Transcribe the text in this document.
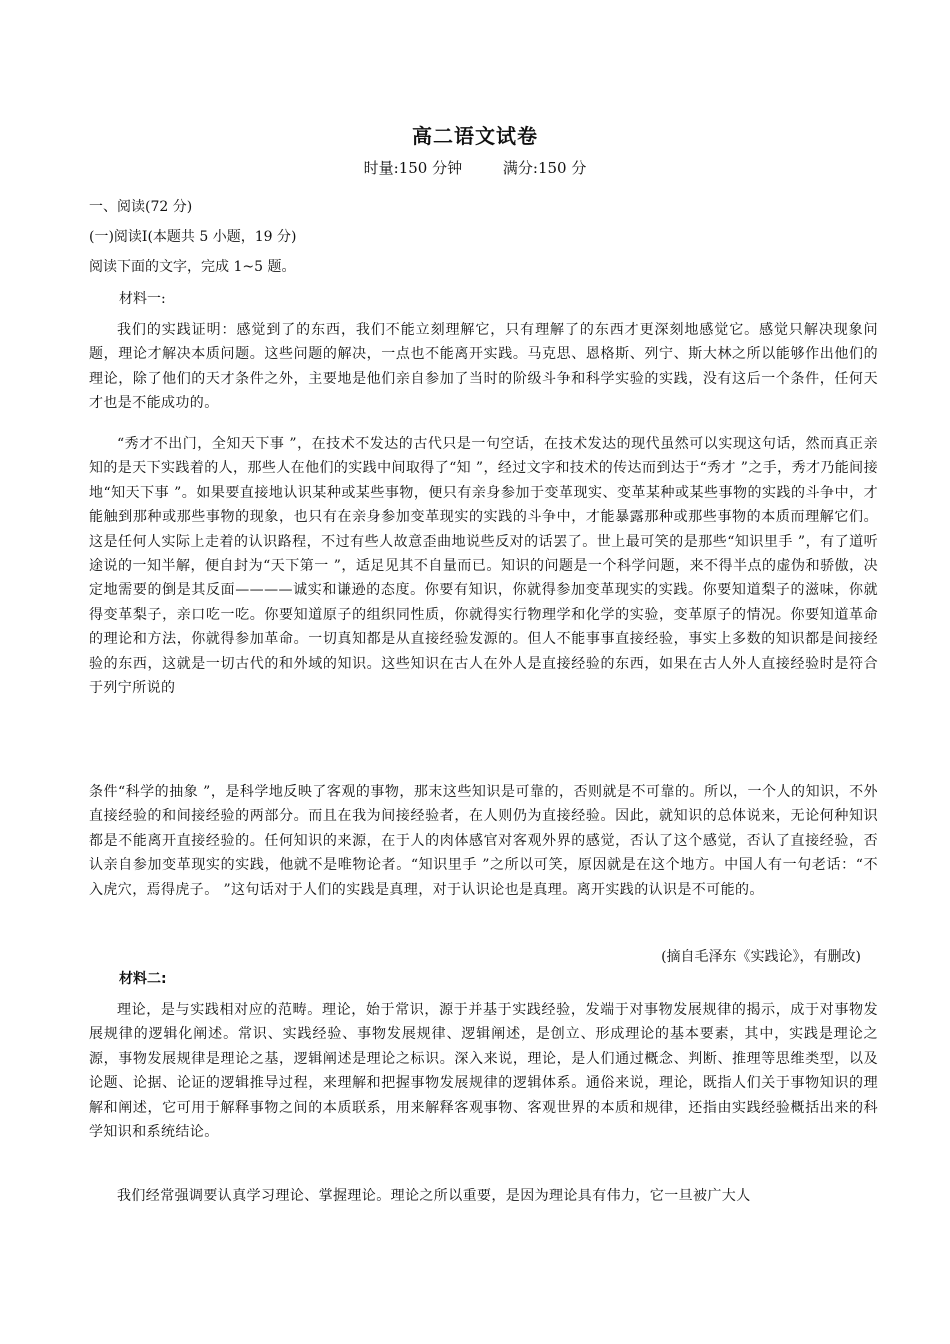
高二语文试卷
时量:150 分钟	满分:150 分
一、阅读(72 分)
(一)阅读Ⅰ(本题共 5 小题，19 分)
阅读下面的文字，完成 1~5 题。
材料一:
我们的实践证明：感觉到了的东西，我们不能立刻理解它，只有理解了的东西才更深刻地感觉它。感觉只解决现象问题，理论才解决本质问题。这些问题的解决，一点也不能离开实践。马克思、恩格斯、列宁、斯大林之所以能够作出他们的理论，除了他们的天才条件之外，主要地是他们亲自参加了当时的阶级斗争和科学实验的实践，没有这后一个条件，任何天才也是不能成功的。
“秀才不出门，全知天下事 ”，在技术不发达的古代只是一句空话，在技术发达的现代虽然可以实现这句话，然而真正亲知的是天下实践着的人，那些人在他们的实践中间取得了“知 ”，经过文字和技术的传达而到达于“秀才 ”之手，秀才乃能间接地“知天下事 ”。如果要直接地认识某种或某些事物，便只有亲身参加于变革现实、变革某种或某些事物的实践的斗争中，才能触到那种或那些事物的现象，也只有在亲身参加变革现实的实践的斗争中，才能暴露那种或那些事物的本质而理解它们。这是任何人实际上走着的认识路程，不过有些人故意歪曲地说些反对的话罢了。世上最可笑的是那些“知识里手 ”，有了道听途说的一知半解，便自封为“天下第一 ”，适足见其不自量而已。知识的问题是一个科学问题，来不得半点的虚伪和骄傲，决定地需要的倒是其反面————诚实和谦逊的态度。你要有知识，你就得参加变革现实的实践。你要知道梨子的滋味，你就得变革梨子，亲口吃一吃。你要知道原子的组织同性质，你就得实行物理学和化学的实验，变革原子的情况。你要知道革命的理论和方法，你就得参加革命。一切真知都是从直接经验发源的。但人不能事事直接经验，事实上多数的知识都是间接经验的东西，这就是一切古代的和外域的知识。这些知识在古人在外人是直接经验的东西，如果在古人外人直接经验时是符合于列宁所说的
条件“科学的抽象 ”，是科学地反映了客观的事物，那末这些知识是可靠的，否则就是不可靠的。所以，一个人的知识，不外直接经验的和间接经验的两部分。而且在我为间接经验者，在人则仍为直接经验。因此，就知识的总体说来，无论何种知识都是不能离开直接经验的。任何知识的来源，在于人的肉体感官对客观外界的感觉，否认了这个感觉，否认了直接经验，否认亲自参加变革现实的实践，他就不是唯物论者。“知识里手 ”之所以可笑，原因就是在这个地方。中国人有一句老话：“不入虎穴，焉得虎子。 ”这句话对于人们的实践是真理，对于认识论也是真理。离开实践的认识是不可能的。
(摘自毛泽东《实践论》，有删改)
材料二:
理论，是与实践相对应的范畴。理论，始于常识，源于并基于实践经验，发端于对事物发展规律的揭示，成于对事物发展规律的逻辑化阐述。常识、实践经验、事物发展规律、逻辑阐述，是创立、形成理论的基本要素，其中，实践是理论之源，事物发展规律是理论之基，逻辑阐述是理论之标识。深入来说，理论，是人们通过概念、判断、推理等思维类型，以及论题、论据、论证的逻辑推导过程，来理解和把握事物发展规律的逻辑体系。通俗来说，理论，既指人们关于事物知识的理解和阐述，它可用于解释事物之间的本质联系，用来解释客观事物、客观世界的本质和规律，还指由实践经验概括出来的科学知识和系统结论。
我们经常强调要认真学习理论、掌握理论。理论之所以重要，是因为理论具有伟力，它一旦被广大人
